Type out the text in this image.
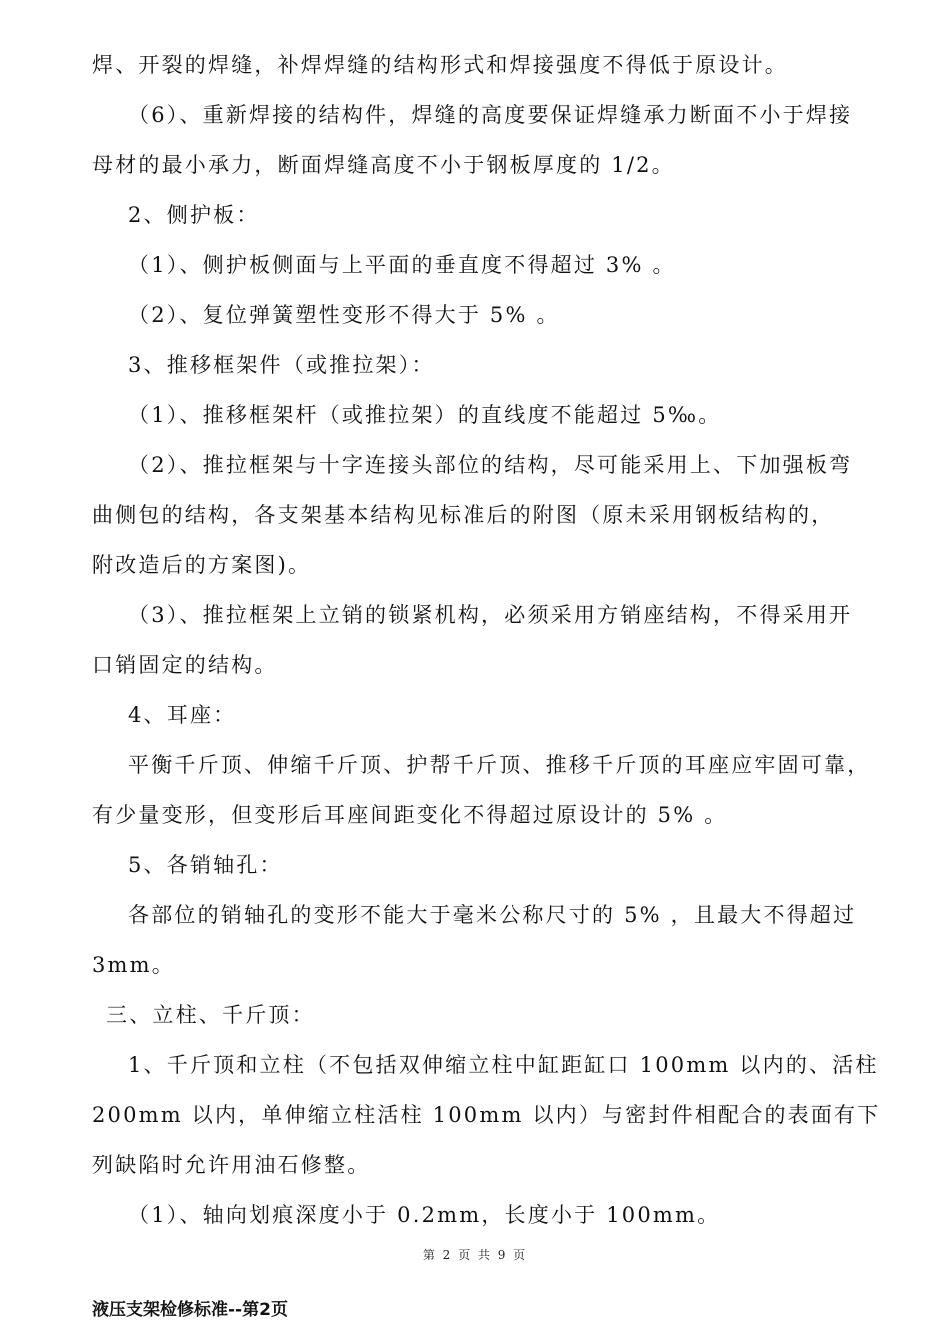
焊、开裂的焊缝，补焊焊缝的结构形式和焊接强度不得低于原设计。
（6）、重新焊接的结构件，焊缝的高度要保证焊缝承力断面不小于焊接
母材的最小承力，断面焊缝高度不小于钢板厚度的 1/2。
2、侧护板：
（1）、侧护板侧面与上平面的垂直度不得超过 3% 。
（2）、复位弹簧塑性变形不得大于 5% 。
3、推移框架件（或推拉架）：
（1）、推移框架杆（或推拉架）的直线度不能超过 5‰。
（2）、推拉框架与十字连接头部位的结构，尽可能采用上、下加强板弯
曲侧包的结构，各支架基本结构见标准后的附图（原未采用钢板结构的，
附改造后的方案图)。
（3）、推拉框架上立销的锁紧机构，必须采用方销座结构，不得采用开
口销固定的结构。
4、耳座：
平衡千斤顶、伸缩千斤顶、护帮千斤顶、推移千斤顶的耳座应牢固可靠，
有少量变形，但变形后耳座间距变化不得超过原设计的 5% 。
5、各销轴孔：
各部位的销轴孔的变形不能大于毫米公称尺寸的 5% ，且最大不得超过
3mm。
三、立柱、千斤顶：
1、千斤顶和立柱（不包括双伸缩立柱中缸距缸口 100mm 以内的、活柱
200mm 以内，单伸缩立柱活柱 100mm 以内）与密封件相配合的表面有下
列缺陷时允许用油石修整。
（1）、轴向划痕深度小于 0.2mm，长度小于 100mm。
第 2 页 共 9 页
液压支架检修标准--第2页
